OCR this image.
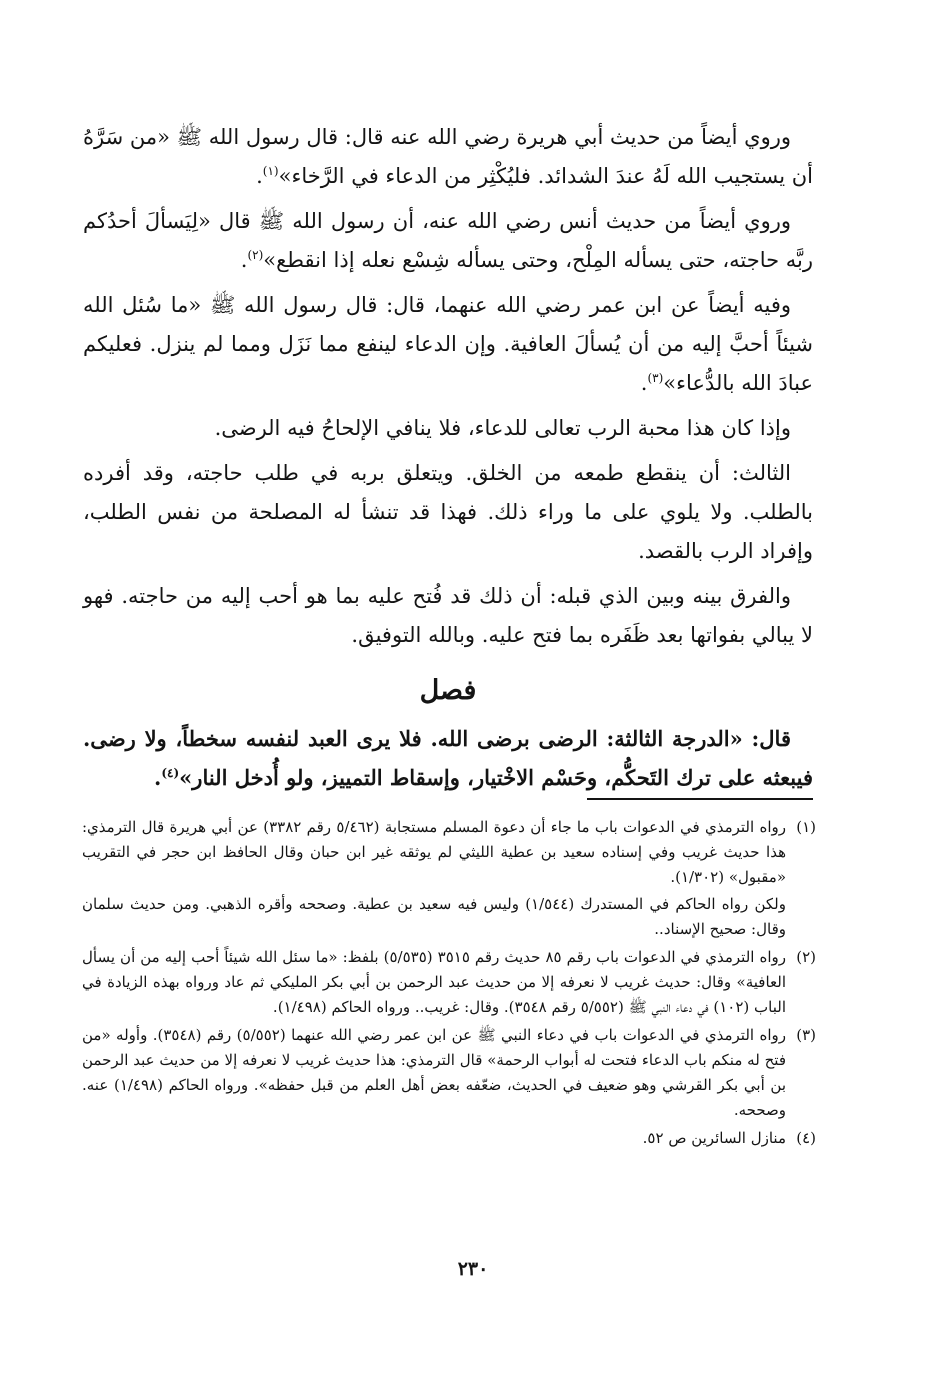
وروي أيضاً من حديث أبي هريرة رضي الله عنه قال: قال رسول الله ﷺ «من سَرَّهُ أن يستجيب الله لَهُ عندَ الشدائد. فليُكْثِر من الدعاء في الرَّخاء»$^{(١)}$.

وروي أيضاً من حديث أنس رضي الله عنه، أن رسول الله ﷺ قال «لِيَسألَ أحدُكم ربَّه حاجته، حتى يسأله المِلْح، وحتى يسأله شِسْع نعله إذا انقطع»$^{(٢)}$.

وفيه أيضاً عن ابن عمر رضي الله عنهما، قال: قال رسول الله ﷺ «ما سُئل الله شيئاً أحبَّ إليه من أن يُسألَ العافية. وإن الدعاء لينفع مما نَزَل ومما لم ينزل. فعليكم عبادَ الله بالدُّعاء»$^{(٣)}$.

وإذا كان هذا محبة الرب تعالى للدعاء، فلا ينافي الإلحاحُ فيه الرضى.

الثالث: أن ينقطع طمعه من الخلق. ويتعلق بربه في طلب حاجته، وقد أفرده بالطلب. ولا يلوي على ما وراء ذلك. فهذا قد تنشأ له المصلحة من نفس الطلب، وإفراد الرب بالقصد.

والفرق بينه وبين الذي قبله: أن ذلك قد فُتح عليه بما هو أحب إليه من حاجته. فهو لا يبالي بفواتها بعد ظَفَره بما فتح عليه. وبالله التوفيق.

فصل

قال: «الدرجة الثالثة: الرضى برضى الله. فلا يرى العبد لنفسه سخطاً، ولا رضى. فيبعثه على ترك التَحكُّم، وحَسْم الاخْتيار، وإسقاط التمييز، ولو أُدخل النار»$^{(٤)}$.

(١)
رواه الترمذي في الدعوات باب ما جاء أن دعوة المسلم مستجابة (٥/٤٦٢ رقم ٣٣٨٢) عن أبي هريرة قال الترمذي: هذا حديث غريب وفي إسناده سعيد بن عطية الليثي لم يوثقه غير ابن حبان وقال الحافظ ابن حجر في التقريب «مقبول» (١/٣٠٢).
ولكن رواه الحاكم في المستدرك (١/٥٤٤) وليس فيه سعيد بن عطية. وصححه وأقره الذهبي. ومن حديث سلمان وقال: صحيح الإسناد..
(٢)
رواه الترمذي في الدعوات باب رقم ٨٥ حديث رقم ٣٥١٥ (٥/٥٣٥) بلفظ: «ما سئل الله شيئاً أحب إليه من أن يسأل العافية» وقال: حديث غريب لا نعرفه إلا من حديث عبد الرحمن بن أبي بكر المليكي ثم عاد ورواه بهذه الزيادة في الباب (١٠٢) في دعاء النبي ﷺ (٥/٥٥٢ رقم ٣٥٤٨). وقال: غريب.. ورواه الحاكم (١/٤٩٨).
(٣)
رواه الترمذي في الدعوات باب في دعاء النبي ﷺ عن ابن عمر رضي الله عنهما (٥/٥٥٢) رقم (٣٥٤٨). وأوله «من فتح له منكم باب الدعاء فتحت له أبواب الرحمة» قال الترمذي: هذا حديث غريب لا نعرفه إلا من حديث عبد الرحمن بن أبي بكر القرشي وهو ضعيف في الحديث، ضعّفه بعض أهل العلم من قبل حفظه». ورواه الحاكم (١/٤٩٨) عنه. وصححه.
(٤)
منازل السائرين ص ٥٢.
٢٣٠
